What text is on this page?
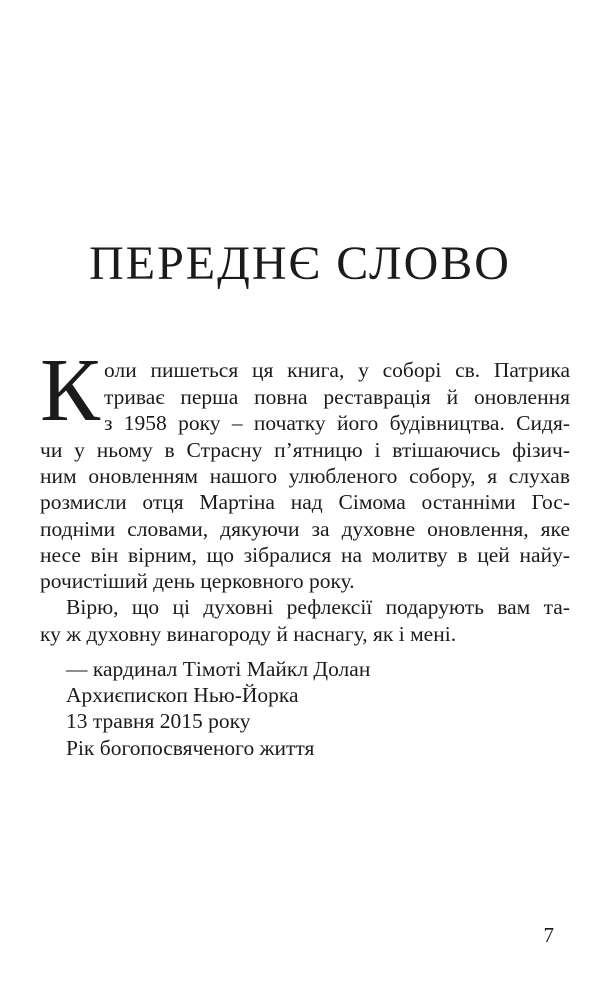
ПЕРЕДНЄ СЛОВО
К оли пишеться ця книга, у соборі св. Патрика

триває перша повна реставрація й оновлення

з 1958 року – початку його будівництва. Сидя-

чи у ньому в Страсну п’ятницю і втішаючись фізич-

ним оновленням нашого улюбленого собору, я слухав

розмисли отця Мартіна над Сімома останніми Гос-

подніми словами, дякуючи за духовне оновлення, яке

несе він вірним, що зібралися на молитву в цей найу-

рочистіший день церковного року.

Вірю, що ці духовні рефлексії подарують вам та-

ку ж духовну винагороду й наснагу, як і мені.

— кардинал Тімоті Майкл Долан

Архиєпископ Нью-Йорка

13 травня 2015 року

Рік богопосвяченого життя

7
